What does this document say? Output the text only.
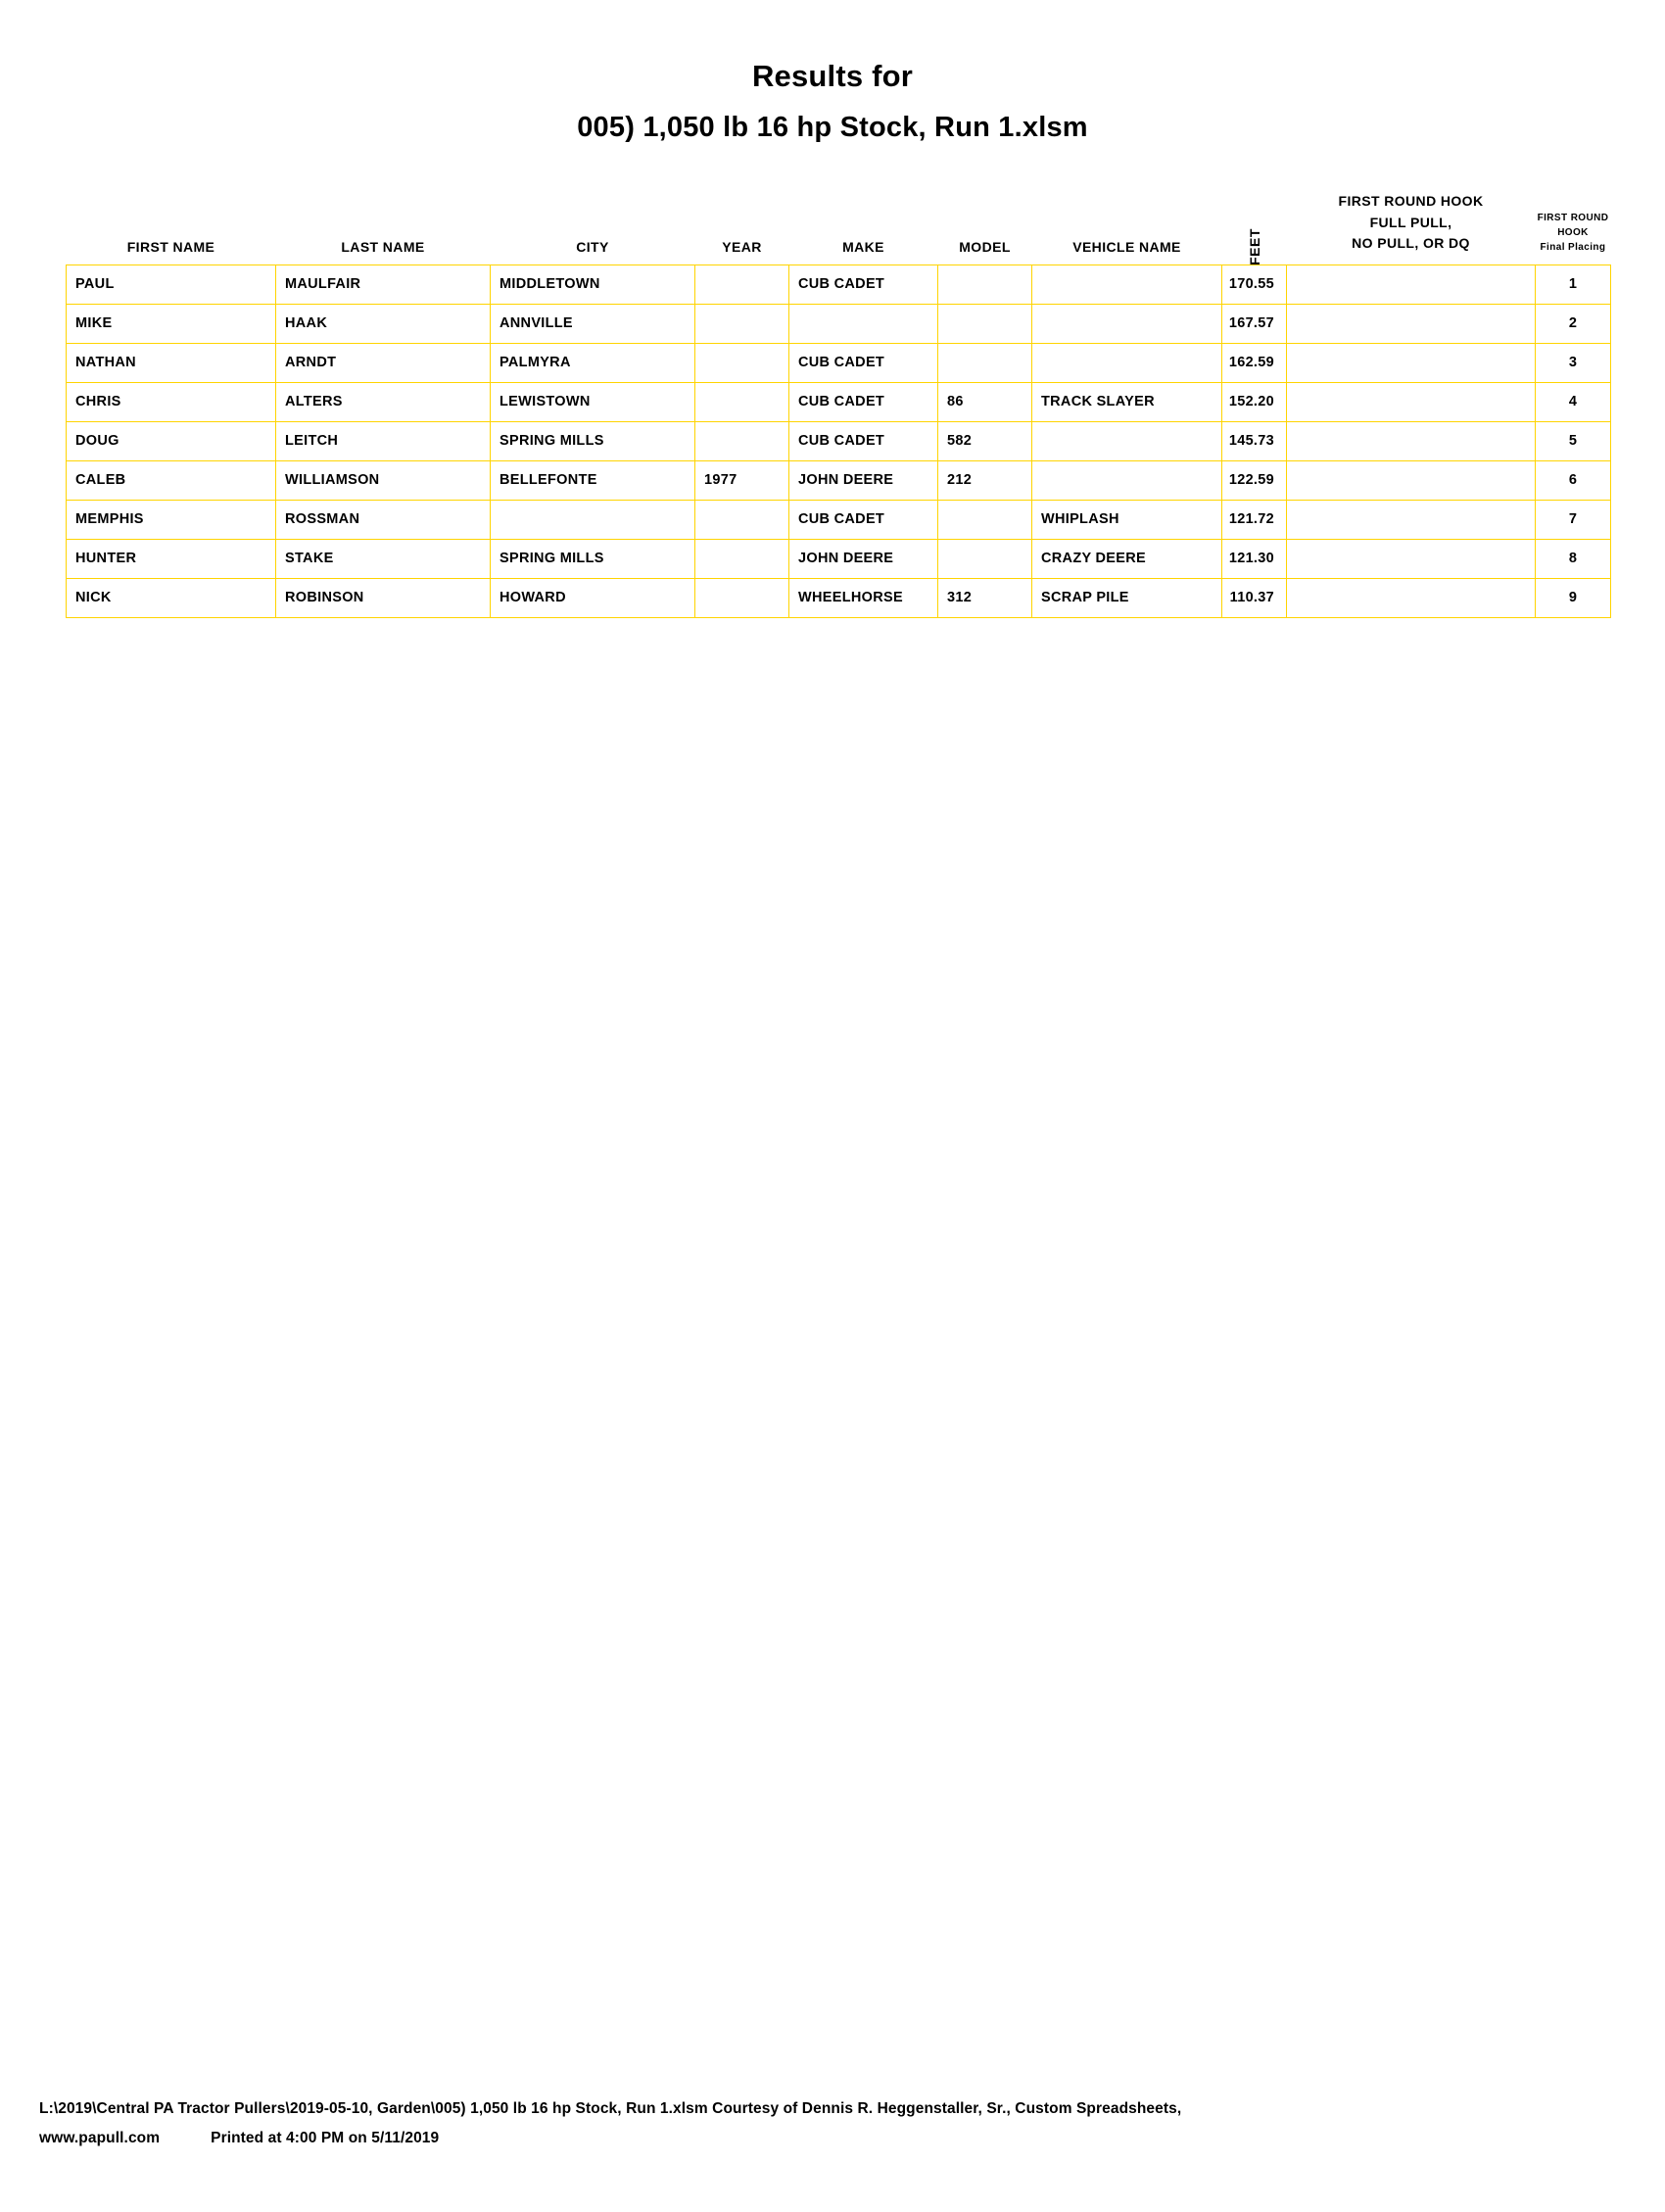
Results for
005) 1,050 lb 16 hp Stock, Run 1.xlsm
FIRST NAME	LAST NAME	CITY	YEAR	MAKE	MODEL	VEHICLE NAME	FEET	
FIRST ROUND HOOK
FULL PULL,
NO PULL, OR DQ

FIRST ROUND
HOOK
Final Placing

PAUL	MAULFAIR	MIDDLETOWN		CUB CADET			170.55		1
MIKE	HAAK	ANNVILLE					167.57		2
NATHAN	ARNDT	PALMYRA		CUB CADET			162.59		3
CHRIS	ALTERS	LEWISTOWN		CUB CADET	86	TRACK SLAYER	152.20		4
DOUG	LEITCH	SPRING MILLS		CUB CADET	582		145.73		5
CALEB	WILLIAMSON	BELLEFONTE	1977	JOHN DEERE	212		122.59		6
MEMPHIS	ROSSMAN			CUB CADET		WHIPLASH	121.72		7
HUNTER	STAKE	SPRING MILLS		JOHN DEERE		CRAZY DEERE	121.30		8
NICK	ROBINSON	HOWARD		WHEELHORSE	312	SCRAP PILE	110.37		9
L:\2019\Central PA Tractor Pullers\2019-05-10, Garden\005) 1,050 lb 16 hp Stock, Run 1.xlsm Courtesy of Dennis R. Heggenstaller, Sr., Custom Spreadsheets,
www.papull.com	Printed at 4:00 PM on 5/11/2019
